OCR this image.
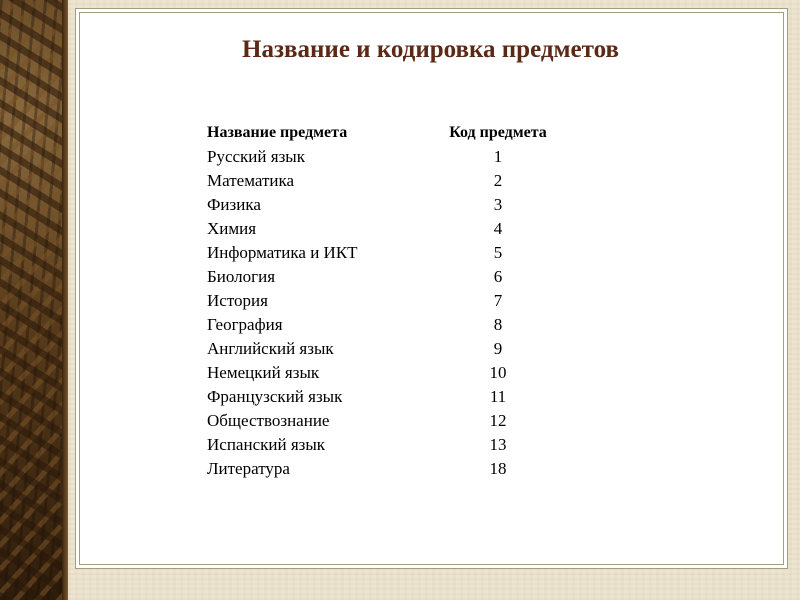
Название и кодировка предметов
Название предмета	Код предмета
Русский язык	1
Математика	2
Физика	3
Химия	4
Информатика и ИКТ	5
Биология	6
История	7
География	8
Английский язык	9
Немецкий язык	10
Французский язык	11
Обществознание	12
Испанский язык	13
Литература	18
